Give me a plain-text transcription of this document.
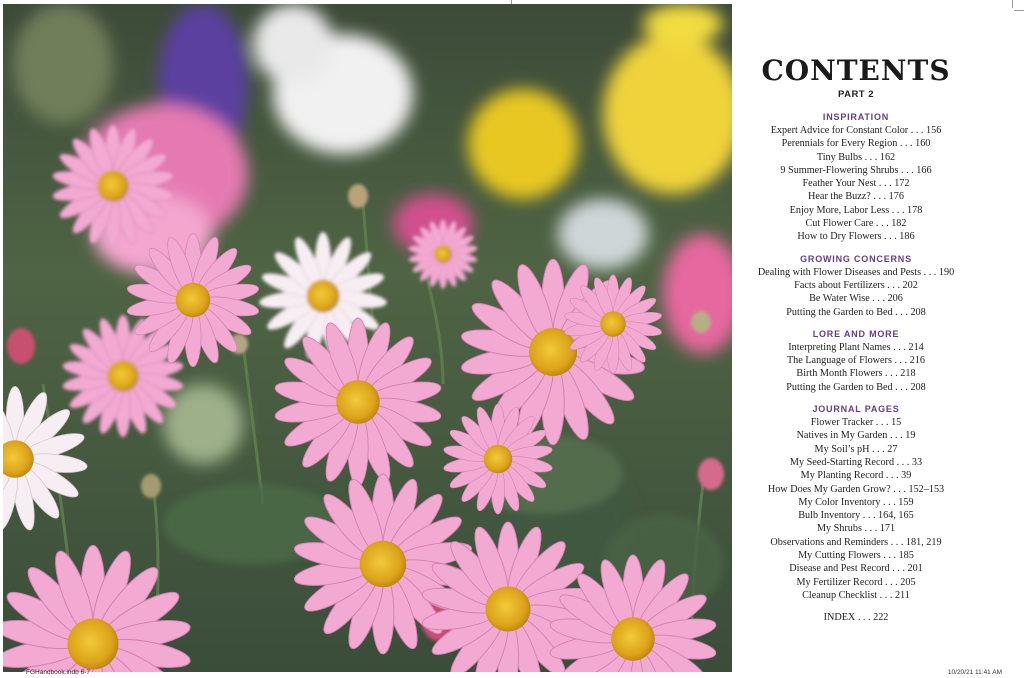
CONTENTS
PART 2
INSPIRATION
Expert Advice for Constant Color . . . 156
Perennials for Every Region . . . 160
Tiny Bulbs . . . 162
9 Summer-Flowering Shrubs . . . 166
Feather Your Nest . . . 172
Hear the Buzz? . . . 176
Enjoy More, Labor Less . . . 178
Cut Flower Care . . . 182
How to Dry Flowers . . . 186
GROWING CONCERNS
Dealing with Flower Diseases and Pests . . . 190
Facts about Fertilizers . . . 202
Be Water Wise . . . 206
Putting the Garden to Bed . . . 208
LORE AND MORE
Interpreting Plant Names . . . 214
The Language of Flowers . . . 216
Birth Month Flowers . . . 218
Putting the Garden to Bed . . . 208
JOURNAL PAGES
Flower Tracker . . . 15
Natives in My Garden . . . 19
My Soil’s pH . . . 27
My Seed-Starting Record . . . 33
My Planting Record . . . 39
How Does My Garden Grow? . . . 152–153
My Color Inventory . . . 159
Bulb Inventory . . . 164, 165
My Shrubs . . . 171
Observations and Reminders . . . 181, 219
My Cutting Flowers . . . 185
Disease and Pest Record . . . 201
My Fertilizer Record . . . 205
Cleanup Checklist . . . 211
INDEX . . . 222
FGHandbook.indb 6-7	10/20/21 11:41 AM
